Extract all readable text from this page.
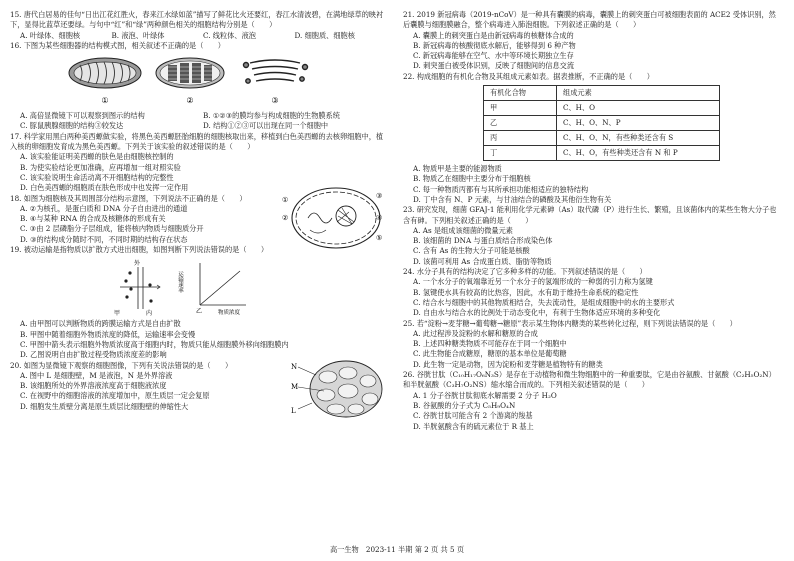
15. 唐代白居易的佳句“日出江花红胜火，春来江水绿如蓝”描写了鲜花比火还要红，春江水清波碧，在满地绿草的映衬下，显得比蓝草还要绿。与句中“红”和“绿”两种颜色相关的细胞结构分别是（　　）

A. 叶绿体、细胞核	B. 液泡、叶绿体	C. 线粒体、液泡	D. 细胞质、细胞核

16. 下图为某些细胞器的结构模式图，相关叙述不正确的是（　　）

①	②	③
A. 高倍显微镜下可以观察到图示的结构	B. ①②③的膜均参与构成细胞的生物膜系统
C. 豚鼠胰腺细胞的结构③较发达	D. 结构①②③可以出现在同一个细胞中

17. 科学家用黑白两种美西螈做实验，将黑色美西螈胚胎细胞的细胞核取出来，移植到白色美西螈的去核卵细胞中，植入核的卵细胞发育成为黑色美西螈。下列关于该实验的叙述错误的是（　　）

A. 该实验能证明美西螈的肤色是由细胞核控制的

B. 为使实验结论更加准确，应再增加一组对照实验

C. 该实验说明生命活动离不开细胞结构的完整性

D. 白色美西螈的细胞质在肤色形成中也发挥一定作用

18. 如图为细胞核及其周围部分结构示意图，下列说法不正确的是（　　）

A. ②为核孔，是蛋白质和 DNA 分子自由进出的通道

B. ④与某种 RNA 的合成及核糖体的形成有关

C. ③由 2 层磷脂分子层组成，能将核内物质与细胞质分开

D. ③的结构成分随时不同，不同时期的结构存在状态

①
②
③
④
⑤

19. 被动运输是指物质以扩散方式进出细胞，如图判断下列说法错误的是（　　）

外
内
甲
运输速率
物质浓度
乙

A. 由甲图可以判断物质的跨膜运输方式是自由扩散

B. 甲图中随着细胞外物质浓度的降低，运输速率会变慢

C. 甲图中箭头表示细胞外物质浓度高于细胞内时，物质只能从细胞膜外移向细胞膜内

D. 乙图说明自由扩散过程受物质浓度差的影响

20. 如图为显微镜下观察的细胞图像，下列有关说法错误的是（　　）

A. 图中 L 是细胞壁，M 是液泡，N 是外界溶液

B. 该细胞所处的外界溶液浓度高于细胞液浓度

C. 在视野中的细胞溶液的浓度增加中，原生质层一定会复原

D. 细胞发生质壁分离是原生质层比细胞壁的伸缩性大

N
M
L

21. 2019 新冠病毒（2019-nCoV）是一种具有囊膜的病毒，囊膜上的刺突蛋白可被细胞表面的 ACE2 受体识别，然后囊膜与细胞膜融合，整个病毒进入肺泡细胞。下列叙述正确的是（　　）

A. 囊膜上的刺突蛋白是由新冠病毒的核糖体合成的

B. 新冠病毒的核酸彻底水解后，能够得到 6 种产物

C. 新冠病毒能够在空气、水中等环境长期独立生存

D. 刺突蛋白被受体识别，反映了细胞间的信息交流

22. 构成细胞的有机化合物及其组成元素如表。据表推断，不正确的是（　　）

有机化合物	组成元素
甲	C、H、O
乙	C、H、O、N、P
丙	C、H、O、N，有些种类还含有 S
丁	C、H、O，有些种类还含有 N 和 P

A. 物质甲是主要的能源物质

B. 物质乙在细胞中主要分布于细胞核

C. 每一种物质丙都有与其所承担功能相适应的独特结构

D. 丁中含有 N、P 元素，与甘油结合的磷酸及其他衍生物有关

23. 研究发现，细菌 GFAJ-1 能利用化学元素砷（As）取代磷（P）进行生长、繁殖，且该菌体内的某些生物大分子也含有砷。下列相关叙述正确的是（　　）

A. As 是组成该细菌的微量元素

B. 该细菌的 DNA 与蛋白质结合形成染色体

C. 含有 As 的生物大分子可能是核酸

D. 该菌可利用 As 合成蛋白质、脂肪等物质

24. 水分子具有的结构决定了它多种多样的功能。下列叙述错误的是（　　）

A. 一个水分子的氧端靠近另一个水分子的氢端形成的一种弱的引力称为氢键

B. 氢键使水具有较高的比热容，因此，水有助于维持生命系统的稳定性

C. 结合水与细胞中的其他物质相结合，失去流动性，是组成细胞中的水的主要形式

D. 自由水与结合水的比例处于动态变化中，有利于生物体适应环境的多种变化

25. 若“淀粉→麦芽糖→葡萄糖→糖原”表示某生物体内糖类的某些转化过程，则下列说法错误的是（　　）

A. 此过程涉及淀粉的水解和糖原的合成

B. 上述四种糖类物质不可能存在于同一个细胞中

C. 此生物能合成糖原，糖原的基本单位是葡萄糖

D. 此生物一定是动物，因为淀粉和麦芽糖是植物特有的糖类

26. 谷胱甘肽（C₁₀H₁₇O₆N₃S）是存在于动植物和微生物细胞中的一种重要肽，它是由谷氨酸、甘氨酸（C₂H₅O₂N）和半胱氨酸（C₃H₇O₂NS）缩水缩合而成的。下列相关叙述错误的是（　　）

A. 1 分子谷胱甘肽彻底水解需要 2 分子 H₂O

B. 谷氨酸的分子式为 C₅H₉O₄N

C. 谷胱甘肽可能含有 2 个游离的羧基

D. 半胱氨酸含有的硫元素位于 R 基上

高一生物　2023-11 半期 第 2 页 共 5 页
